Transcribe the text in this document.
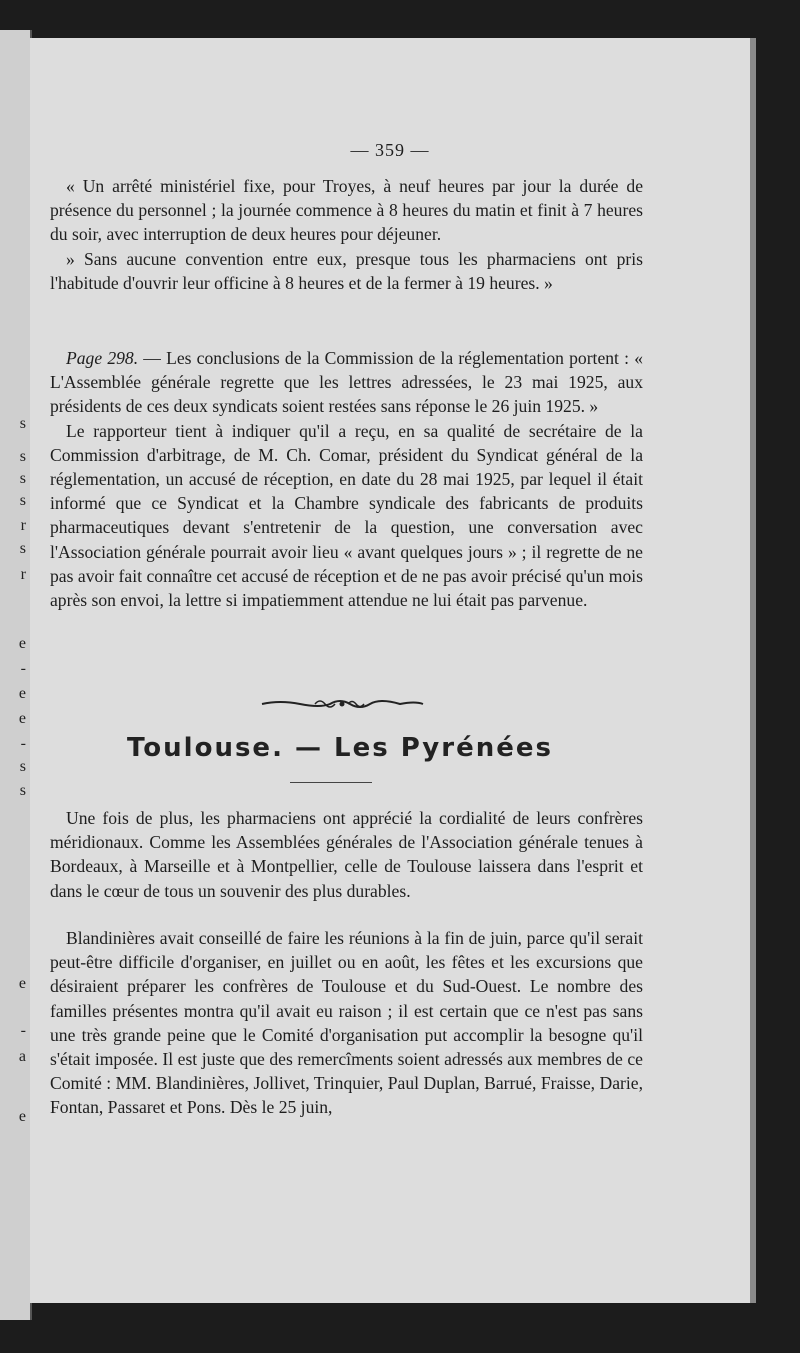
s
s
s
s
r
s
r
e
-
e
e
-
s
s
e
-
a
e
— 359 —

« Un arrêté ministériel fixe, pour Troyes, à neuf heures par jour la durée de présence du personnel ; la journée commence à 8 heures du matin et finit à 7 heures du soir, avec interruption de deux heures pour déjeuner.

» Sans aucune convention entre eux, presque tous les pharmaciens ont pris l'habitude d'ouvrir leur officine à 8 heures et de la fermer à 19 heures. »

Page 298. — Les conclusions de la Commission de la réglementation portent : « L'Assemblée générale regrette que les lettres adressées, le 23 mai 1925, aux présidents de ces deux syndicats soient restées sans réponse le 26 juin 1925. »

Le rapporteur tient à indiquer qu'il a reçu, en sa qualité de secrétaire de la Commission d'arbitrage, de M. Ch. Comar, président du Syndicat général de la réglementation, un accusé de réception, en date du 28 mai 1925, par lequel il était informé que ce Syndicat et la Chambre syndicale des fabricants de produits pharmaceutiques devant s'entretenir de la question, une conversation avec l'Association générale pourrait avoir lieu « avant quelques jours » ; il regrette de ne pas avoir fait connaître cet accusé de réception et de ne pas avoir précisé qu'un mois après son envoi, la lettre si impatiemment attendue ne lui était pas parvenue.

Toulouse. — Les Pyrénées

Une fois de plus, les pharmaciens ont apprécié la cordialité de leurs confrères méridionaux. Comme les Assemblées générales de l'Association générale tenues à Bordeaux, à Marseille et à Montpellier, celle de Toulouse laissera dans l'esprit et dans le cœur de tous un souvenir des plus durables.

Blandinières avait conseillé de faire les réunions à la fin de juin, parce qu'il serait peut-être difficile d'organiser, en juillet ou en août, les fêtes et les excursions que désiraient préparer les confrères de Toulouse et du Sud-Ouest. Le nombre des familles présentes montra qu'il avait eu raison ; il est certain que ce n'est pas sans une très grande peine que le Comité d'organisation put accomplir la besogne qu'il s'était imposée. Il est juste que des remercîments soient adressés aux membres de ce Comité : MM. Blandinières, Jollivet, Trinquier, Paul Duplan, Barrué, Fraisse, Darie, Fontan, Passaret et Pons. Dès le 25 juin,
